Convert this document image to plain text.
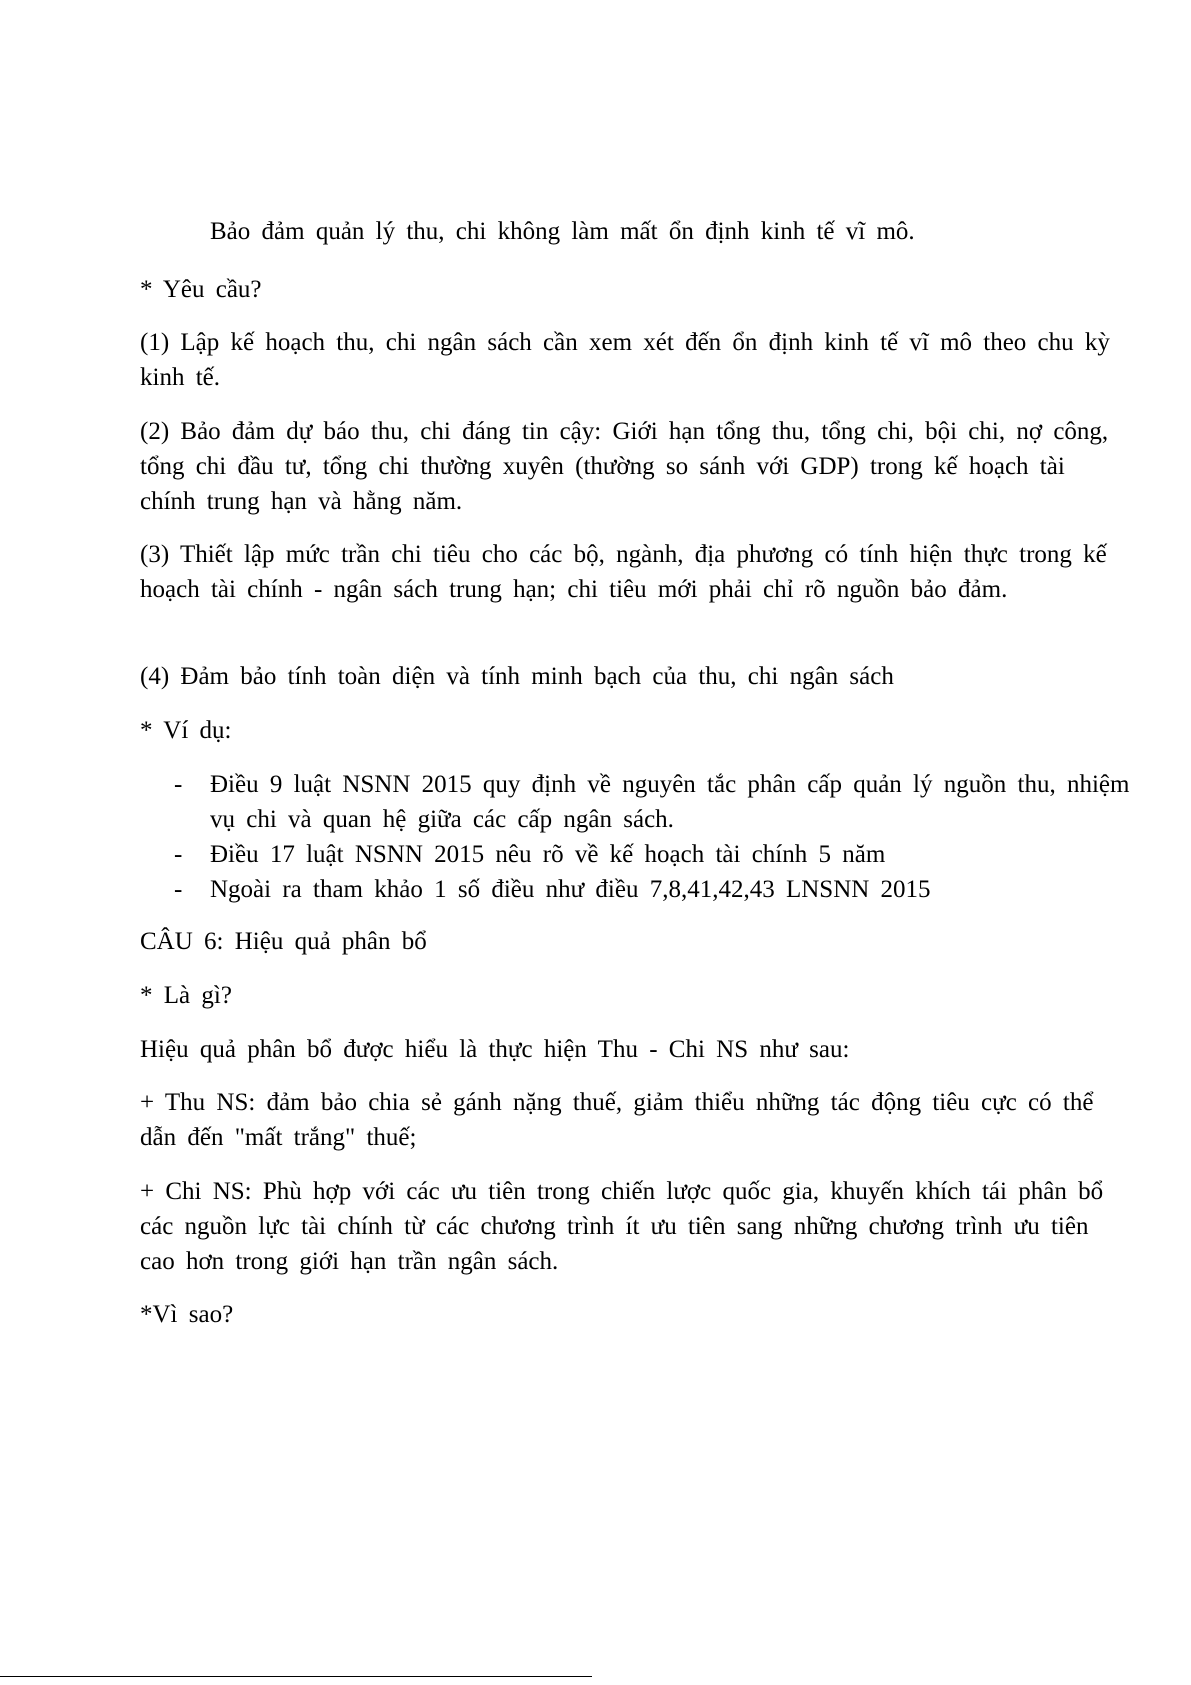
Bảo đảm quản lý thu, chi không làm mất ổn định kinh tế vĩ mô.

* Yêu cầu?

(1) Lập kế hoạch thu, chi ngân sách cần xem xét đến ổn định kinh tế vĩ mô theo chu kỳ kinh tế.

(2) Bảo đảm dự báo thu, chi đáng tin cậy: Giới hạn tổng thu, tổng chi, bội chi, nợ công, tổng chi đầu tư, tổng chi thường xuyên (thường so sánh với GDP) trong kế hoạch tài chính trung hạn và hằng năm.

(3) Thiết lập mức trần chi tiêu cho các bộ, ngành, địa phương có tính hiện thực trong kế hoạch tài chính - ngân sách trung hạn; chi tiêu mới phải chỉ rõ nguồn bảo đảm.

(4) Đảm bảo tính toàn diện và tính minh bạch của thu, chi ngân sách

* Ví dụ:

- Điều 9 luật NSNN 2015 quy định về nguyên tắc phân cấp quản lý nguồn thu, nhiệm vụ chi và quan hệ giữa các cấp ngân sách.
- Điều 17 luật NSNN 2015 nêu rõ về kế hoạch tài chính 5 năm
- Ngoài ra tham khảo 1 số điều như điều 7,8,41,42,43 LNSNN 2015

CÂU 6: Hiệu quả phân bổ

* Là gì?

Hiệu quả phân bổ được hiểu là thực hiện Thu - Chi NS như sau:

+ Thu NS: đảm bảo chia sẻ gánh nặng thuế, giảm thiểu những tác động tiêu cực có thể dẫn đến "mất trắng" thuế;

+ Chi NS: Phù hợp với các ưu tiên trong chiến lược quốc gia, khuyến khích tái phân bổ các nguồn lực tài chính từ các chương trình ít ưu tiên sang những chương trình ưu tiên cao hơn trong giới hạn trần ngân sách.

*Vì sao?
